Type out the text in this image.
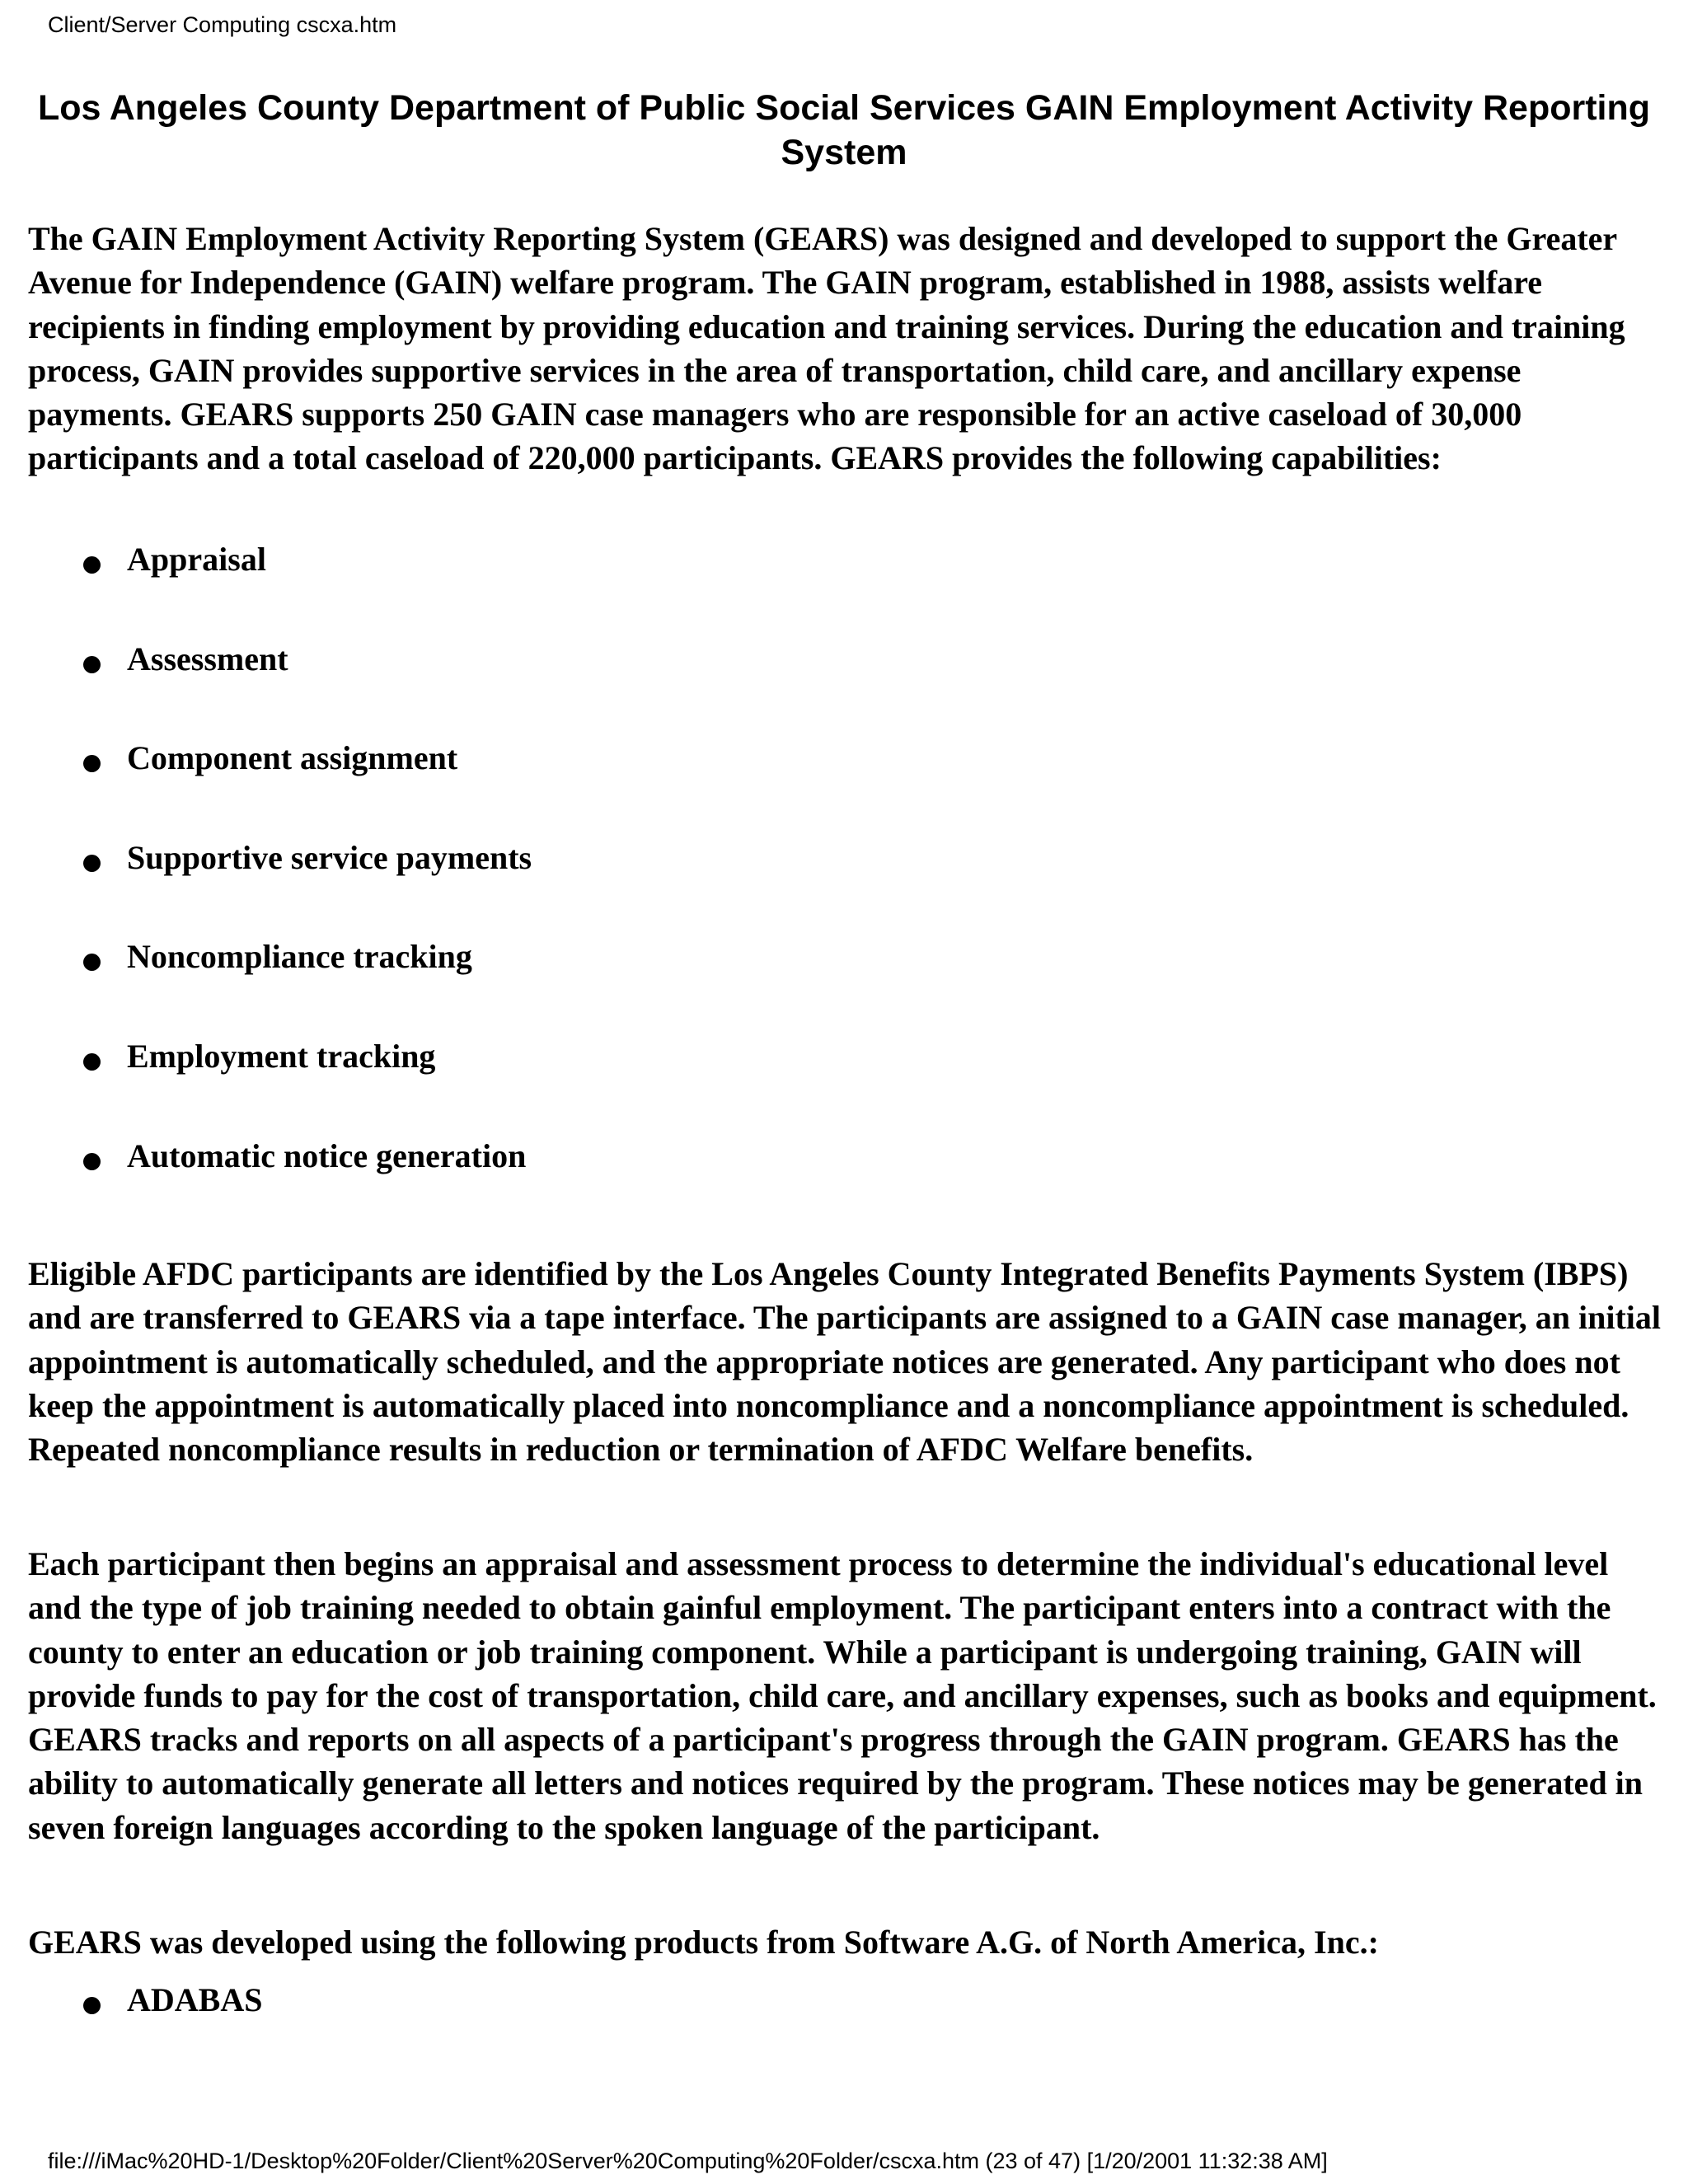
Client/Server Computing cscxa.htm
Los Angeles County Department of Public Social Services GAIN Employment Activity Reporting System

The GAIN Employment Activity Reporting System (GEARS) was designed and developed to support the Greater Avenue for Independence (GAIN) welfare program. The GAIN program, established in 1988, assists welfare recipients in finding employment by providing education and training services. During the education and training process, GAIN provides supportive services in the area of transportation, child care, and ancillary expense payments. GEARS supports 250 GAIN case managers who are responsible for an active caseload of 30,000 participants and a total caseload of 220,000 participants. GEARS provides the following capabilities:

Appraisal
Assessment
Component assignment
Supportive service payments
Noncompliance tracking
Employment tracking
Automatic notice generation

Eligible AFDC participants are identified by the Los Angeles County Integrated Benefits Payments System (IBPS) and are transferred to GEARS via a tape interface. The participants are assigned to a GAIN case manager, an initial appointment is automatically scheduled, and the appropriate notices are generated. Any participant who does not keep the appointment is automatically placed into noncompliance and a noncompliance appointment is scheduled. Repeated noncompliance results in reduction or termination of AFDC Welfare benefits.

Each participant then begins an appraisal and assessment process to determine the individual's educational level and the type of job training needed to obtain gainful employment. The participant enters into a contract with the county to enter an education or job training component. While a participant is undergoing training, GAIN will provide funds to pay for the cost of transportation, child care, and ancillary expenses, such as books and equipment. GEARS tracks and reports on all aspects of a participant's progress through the GAIN program. GEARS has the ability to automatically generate all letters and notices required by the program. These notices may be generated in seven foreign languages according to the spoken language of the participant.

GEARS was developed using the following products from Software A.G. of North America, Inc.:

ADABAS
file:///iMac%20HD-1/Desktop%20Folder/Client%20Server%20Computing%20Folder/cscxa.htm (23 of 47) [1/20/2001 11:32:38 AM]
